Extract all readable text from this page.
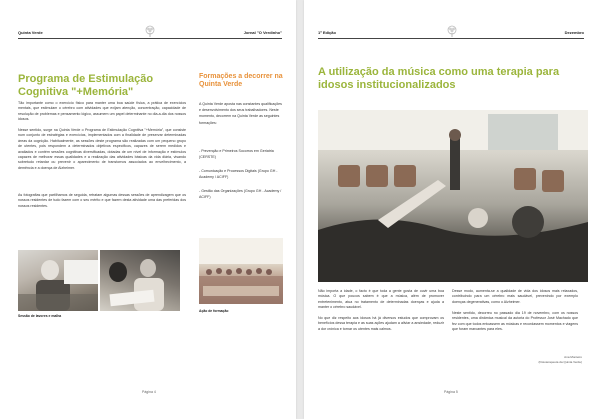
Quinta Verde	Jornal "O Verdinho"
Programa de Estimulação Cognitiva "+Memória"

Tão importante como o exercício físico para manter uma boa saúde física, a prática de exercícios mentais, que estimulam o cérebro com atividades que exijam atenção, concentração, capacidade de resolução de problemas e pensamento lógico, assumem um papel determinante no dia-a-dia dos nossos idosos.

Nesse sentido, surge na Quinta Verde o Programa de Estimulação Cognitiva "+Memória", que consiste num conjunto de estratégias e exercícios, implementados com a finalidade de preservar determinadas áreas da cognição. Habitualmente, as sessões deste programa são realizadas com um pequeno grupo de utentes, pois respondem a determinados objetivos específicos, capazes de serem medidos e avaliados e contém sessões cognitivas diversificadas, dotadas de um nível de informação e estímulos capazes de melhorar essas qualidades e a realização das atividades básicas da vida diária, visando sobretudo retardar ou prevenir o aparecimento de transtornos associados ao envelhecimento, a demência e a doença de Alzheimer.

As fotografias que partilhamos de seguida, retratam algumas dessas sessões de aprendizagem que os nossos residentes de tudo fazem com o seu mérito e que fazem desta atividade uma das preferidas dos nossos residentes.

Formações a decorrer na Quinta Verde

A Quinta Verde aposta nas constantes qualificações e desenvolvimento dos seus trabalhadores. Neste momento, decorrem na Quinta Verde as seguintes formações:

- Prevenção e Primeiros Socorros em Geriatria (CERSTE)

- Comunicação e Processos Digitais (Grupo GH - Academy / ACIFF)

- Gestão das Organizações (Grupo GH - Academy / ACIFF)

Sessão de lavores e malha
Ação de formação
Página 4
1ª Edição	Dezembro
A utilização da música como uma terapia para idosos institucionalizados

Não importa a idade, o facto é que toda a gente gosta de ouvir uma boa música. O que poucos sabem é que a música, além de promover entretenimento, atua no tratamento de determinadas doenças e ajuda a manter o cérebro saudável.

No que diz respeito aos idosos há já diversos estudos que comprovam os benefícios dessa terapia e as suas ações ajudam a aliviar a ansiedade, reduzir a dor crónica e tornar os utentes mais calmos.

Desse modo, aumenta-se a qualidade de vida dos idosos mais relaxados, contribuindo para um cérebro mais saudável, prevenindo por exemplo doenças degenerativas, como o Alzheimer.

Neste sentido, decorreu no passado dia 19 de novembro, com os nossos residentes, uma dinâmica musical da autoria do Professor José Machado que fez com que todos entoassem as músicas e recordassem momentos e viagens que foram marcantes para eles.

Ana Monteiro
(Fisioterapeuta da Quinta Verde)
Página 5
